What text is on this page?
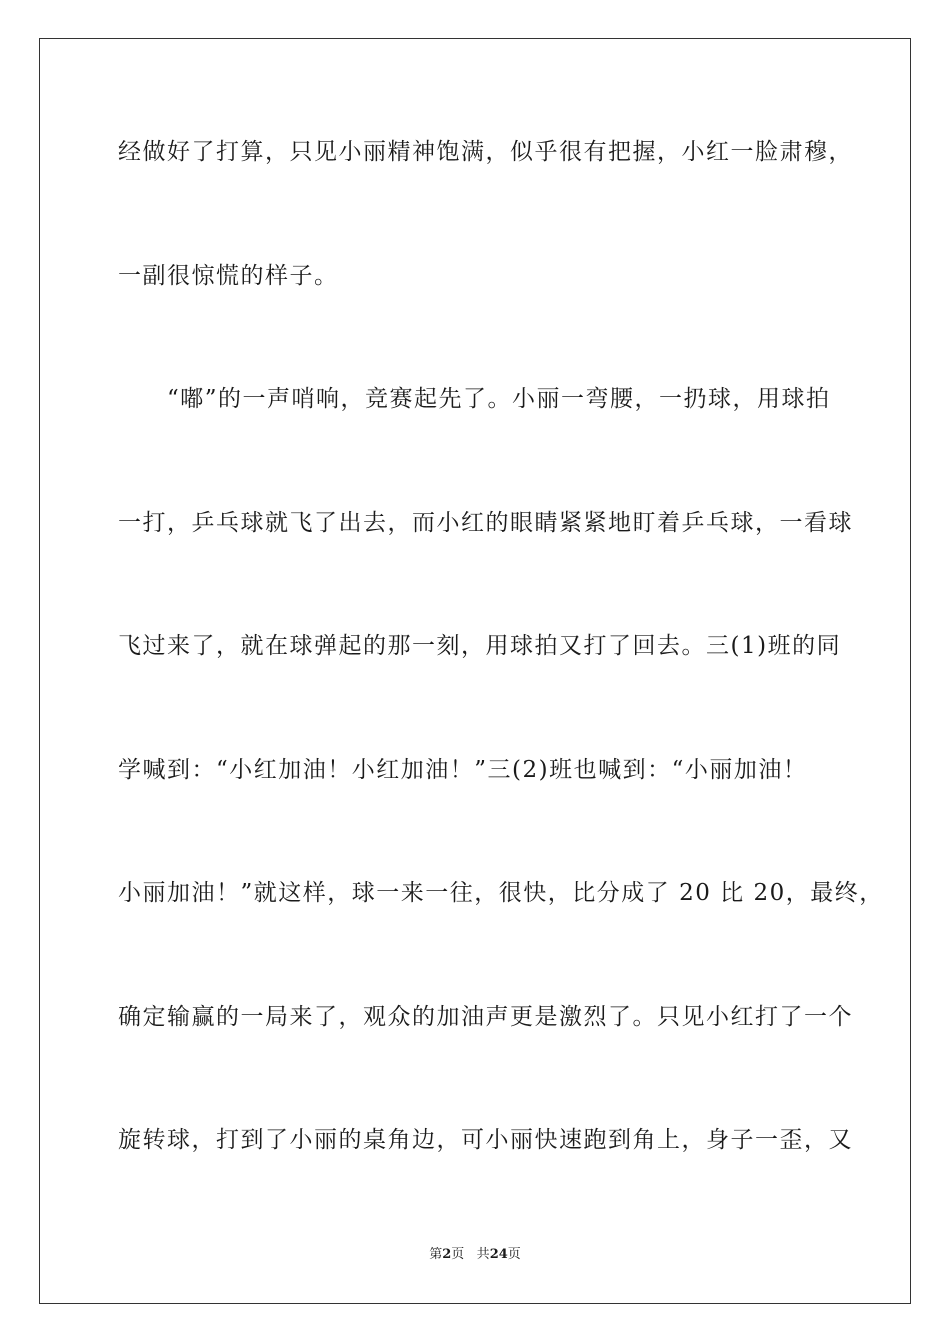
经做好了打算，只见小丽精神饱满，似乎很有把握，小红一脸肃穆，
一副很惊慌的样子。
　　“嘟”的一声哨响，竞赛起先了。小丽一弯腰，一扔球，用球拍
一打，乒乓球就飞了出去，而小红的眼睛紧紧地盯着乒乓球，一看球
飞过来了，就在球弹起的那一刻，用球拍又打了回去。三(1)班的同
学喊到：“小红加油！小红加油！”三(2)班也喊到：“小丽加油！
小丽加油！”就这样，球一来一往，很快，比分成了 20 比 20，最终，
确定输赢的一局来了，观众的加油声更是激烈了。只见小红打了一个
旋转球，打到了小丽的桌角边，可小丽快速跑到角上，身子一歪，又
第2页 共24页
